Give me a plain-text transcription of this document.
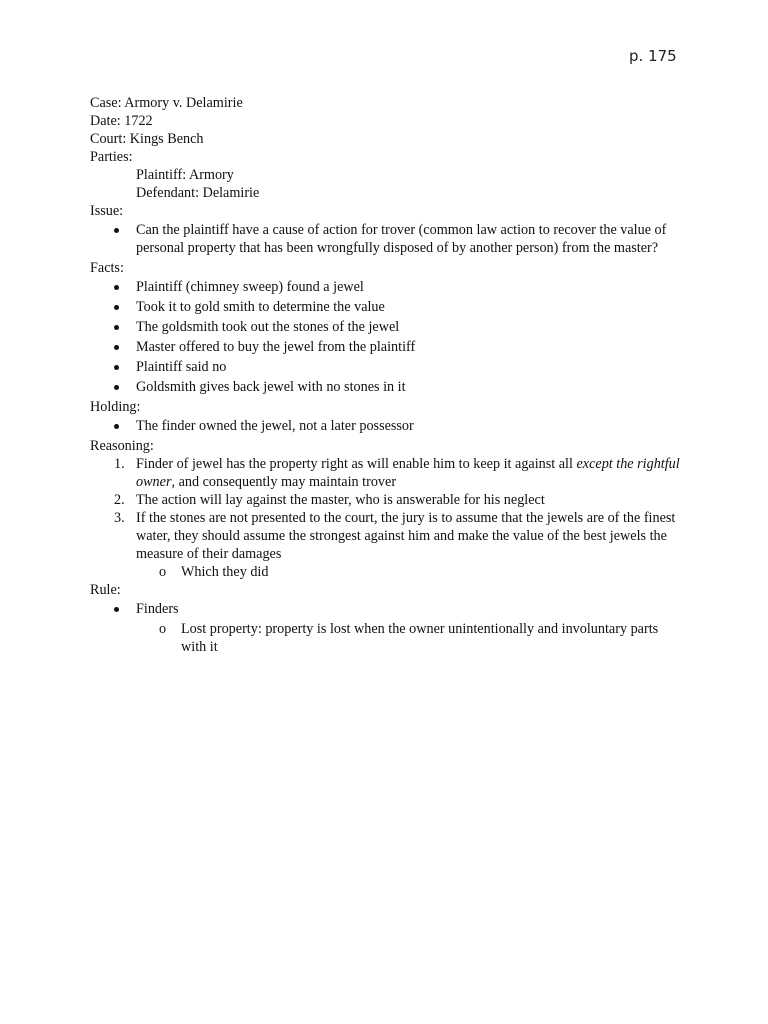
p. 175
Case: Armory v. Delamirie
Date: 1722
Court: Kings Bench
Parties:
Plaintiff: Armory
Defendant: Delamirie
Issue:
Can the plaintiff have a cause of action for trover (common law action to recover the value of personal property that has been wrongfully disposed of by another person) from the master?
Facts:
Plaintiff (chimney sweep) found a jewel
Took it to gold smith to determine the value
The goldsmith took out the stones of the jewel
Master offered to buy the jewel from the plaintiff
Plaintiff said no
Goldsmith gives back jewel with no stones in it
Holding:
The finder owned the jewel, not a later possessor
Reasoning:
1. Finder of jewel has the property right as will enable him to keep it against all except the rightful owner, and consequently may maintain trover
2. The action will lay against the master, who is answerable for his neglect
3. If the stones are not presented to the court, the jury is to assume that the jewels are of the finest water, they should assume the strongest against him and make the value of the best jewels the measure of their damages
o Which they did
Rule:
Finders
o Lost property: property is lost when the owner unintentionally and involuntary parts with it
